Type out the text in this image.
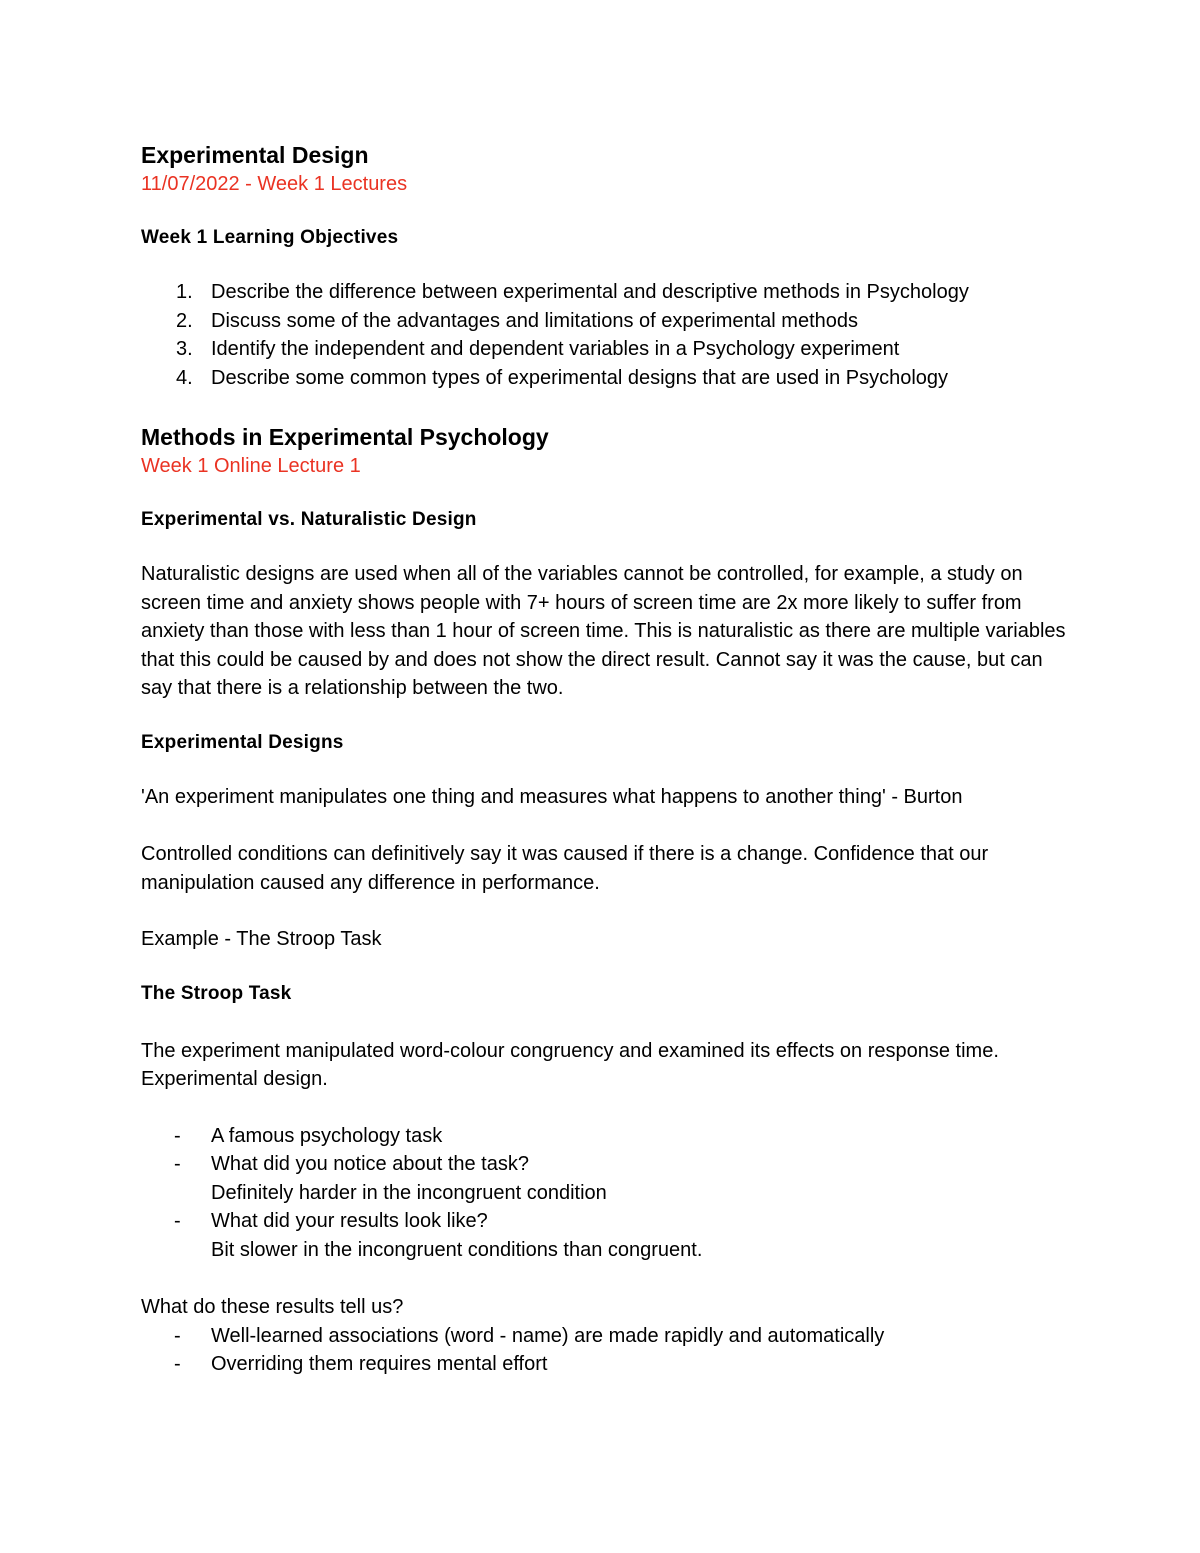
Experimental Design

11/07/2022 - Week 1 Lectures

Week 1 Learning Objectives

1. Describe the difference between experimental and descriptive methods in Psychology
2. Discuss some of the advantages and limitations of experimental methods
3. Identify the independent and dependent variables in a Psychology experiment
4. Describe some common types of experimental designs that are used in Psychology

Methods in Experimental Psychology

Week 1 Online Lecture 1

Experimental vs. Naturalistic Design

Naturalistic designs are used when all of the variables cannot be controlled, for example, a study on screen time and anxiety shows people with 7+ hours of screen time are 2x more likely to suffer from anxiety than those with less than 1 hour of screen time. This is naturalistic as there are multiple variables that this could be caused by and does not show the direct result. Cannot say it was the cause, but can say that there is a relationship between the two.

Experimental Designs

'An experiment manipulates one thing and measures what happens to another thing' - Burton

Controlled conditions can definitively say it was caused if there is a change. Confidence that our manipulation caused any difference in performance.

Example - The Stroop Task

The Stroop Task

The experiment manipulated word-colour congruency and examined its effects on response time. Experimental design.

-	A famous psychology task
-	What did you notice about the task?
Definitely harder in the incongruent condition
-	What did your results look like?
Bit slower in the incongruent conditions than congruent.

What do these results tell us?

-	Well-learned associations (word - name) are made rapidly and automatically
-	Overriding them requires mental effort
